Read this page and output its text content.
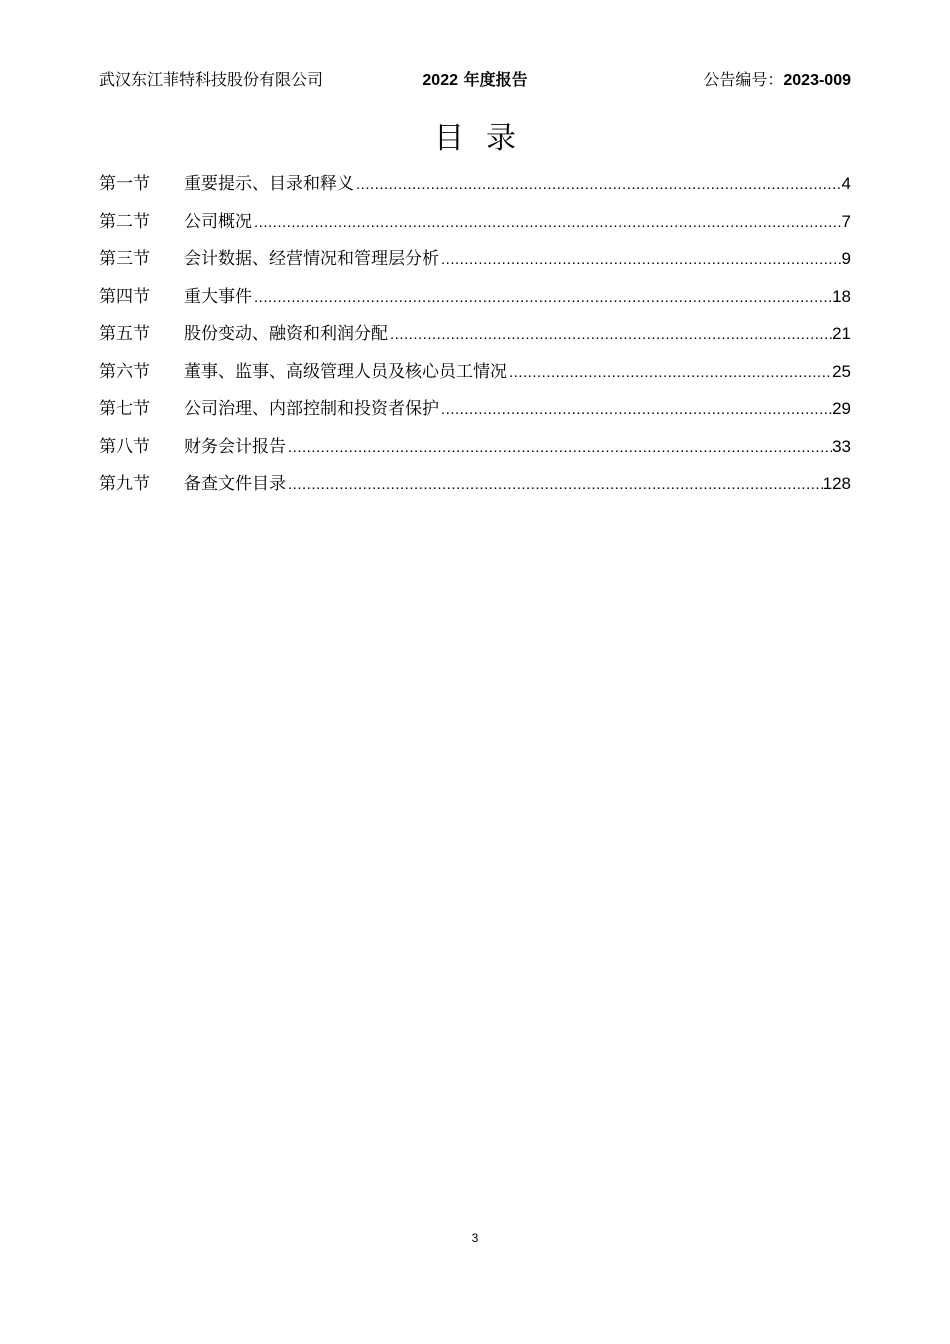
武汉东江菲特科技股份有限公司	2022 年度报告	公告编号：2023-009
目录
第一节	重要提示、目录和释义 .....	4
第二节	公司概况 .....	7
第三节	会计数据、经营情况和管理层分析 .....	9
第四节	重大事件 .....	18
第五节	股份变动、融资和利润分配 .....	21
第六节	董事、监事、高级管理人员及核心员工情况 .....	25
第七节	公司治理、内部控制和投资者保护 .....	29
第八节	财务会计报告 .....	33
第九节	备查文件目录 .....	128
3
